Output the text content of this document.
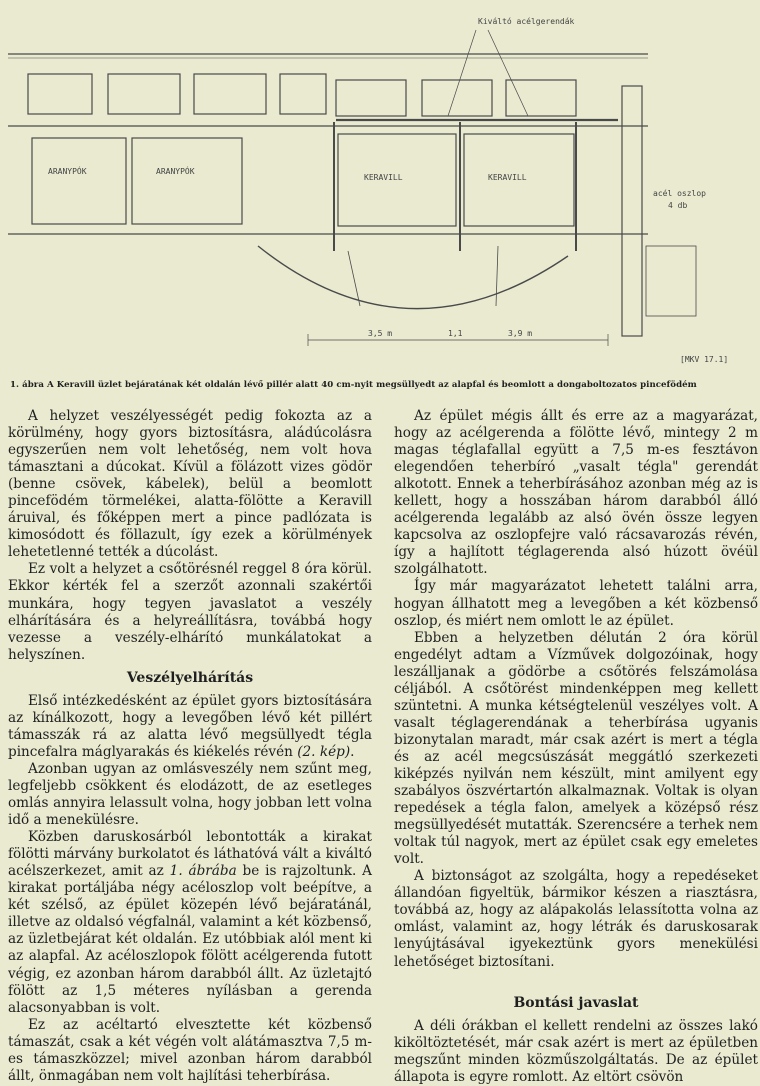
Kiváltó acélgerendák
ARANYPÓK	ARANYPÓK
KERAVILL	KERAVILL
acél oszlop
4 db
3,5 m	1,1	3,9 m
[MKV 17.1]
1. ábra A Keravill üzlet bejáratának két oldalán lévő pillér alatt 40 cm-nyit megsüllyedt az alapfal és beomlott a dongaboltozatos pincefödém

A helyzet veszélyességét pedig fokozta az a körülmény, hogy gyors biztosításra, aládúcolásra egyszerűen nem volt lehetőség, nem volt hova támasztani a dúcokat. Kívül a fölázott vizes gödör (benne csövek, kábelek), belül a beomlott pincefödém törmelékei, alatta-fölötte a Keravill áruival, és főképpen mert a pince padlózata is kimosódott és föllazult, így ezek a körülmények lehetetlenné tették a dúcolást.

Ez volt a helyzet a csőtörésnél reggel 8 óra körül. Ekkor kérték fel a szerzőt azonnali szakértői munkára, hogy tegyen javaslatot a veszély elhárítására és a helyreállításra, továbbá hogy vezesse a veszély-elhárító munkálatokat a helyszínen.

Veszélyelhárítás

Első intézkedésként az épület gyors biztosítására az kínálkozott, hogy a levegőben lévő két pillért támasszák rá az alatta lévő megsüllyedt tégla pincefalra máglyarakás és kiékelés révén (2. kép).

Azonban ugyan az omlásveszély nem szűnt meg, legfeljebb csökkent és elodázott, de az esetleges omlás annyira lelassult volna, hogy jobban lett volna idő a menekülésre.

Közben daruskosárból lebontották a kirakat fölötti márvány burkolatot és láthatóvá vált a kiváltó acélszerkezet, amit az 1. ábrába be is rajzoltunk. A kirakat portáljába négy acéloszlop volt beépítve, a két szélső, az épület közepén lévő bejáratánál, illetve az oldalsó végfalnál, valamint a két közbenső, az üzletbejárat két oldalán. Ez utóbbiak alól ment ki az alapfal. Az acéloszlopok fölött acélgerenda futott végig, ez azonban három darabból állt. Az üzletajtó fölött az 1,5 méteres nyílásban a gerenda alacsonyabban is volt.

Ez az acéltartó elvesztette két közbenső támaszát, csak a két végén volt alátámasztva 7,5 m-es támaszközzel; mivel azonban három darabból állt, önmagában nem volt hajlítási teherbírása.

Az épület mégis állt és erre az a magyarázat, hogy az acélgerenda a fölötte lévő, mintegy 2 m magas téglafallal együtt a 7,5 m-es fesztávon elegendően teherbíró „vasalt tégla" gerendát alkotott. Ennek a teherbírásához azonban még az is kellett, hogy a hosszában három darabból álló acélgerenda legalább az alsó övén össze legyen kapcsolva az oszlopfejre való rácsavarozás révén, így a hajlított téglagerenda alsó húzott övéül szolgálhatott.

Így már magyarázatot lehetett találni arra, hogyan állhatott meg a levegőben a két közbenső oszlop, és miért nem omlott le az épület.

Ebben a helyzetben délután 2 óra körül engedélyt adtam a Vízművek dolgozóinak, hogy leszálljanak a gödörbe a csőtörés felszámolása céljából. A csőtörést mindenképpen meg kellett szüntetni. A munka kétségtelenül veszélyes volt. A vasalt téglagerendának a teherbírása ugyanis bizonytalan maradt, már csak azért is mert a tégla és az acél megcsúszását meggátló szerkezeti kiképzés nyilván nem készült, mint amilyent egy szabályos öszvértartón alkalmaznak. Voltak is olyan repedések a tégla falon, amelyek a középső rész megsüllyedését mutatták. Szerencsére a terhek nem voltak túl nagyok, mert az épület csak egy emeletes volt.

A biztonságot az szolgálta, hogy a repedéseket állandóan figyeltük, bármikor készen a riasztásra, továbbá az, hogy az alápakolás lelassította volna az omlást, valamint az, hogy létrák és daruskosarak lenyújtásával igyekeztünk gyors menekülési lehetőséget biztosítani.

Bontási javaslat

A déli órákban el kellett rendelni az összes lakó kiköltöztetését, már csak azért is mert az épületben megszűnt minden közműszolgáltatás. De az épület állapota is egyre romlott. Az eltört csövön
